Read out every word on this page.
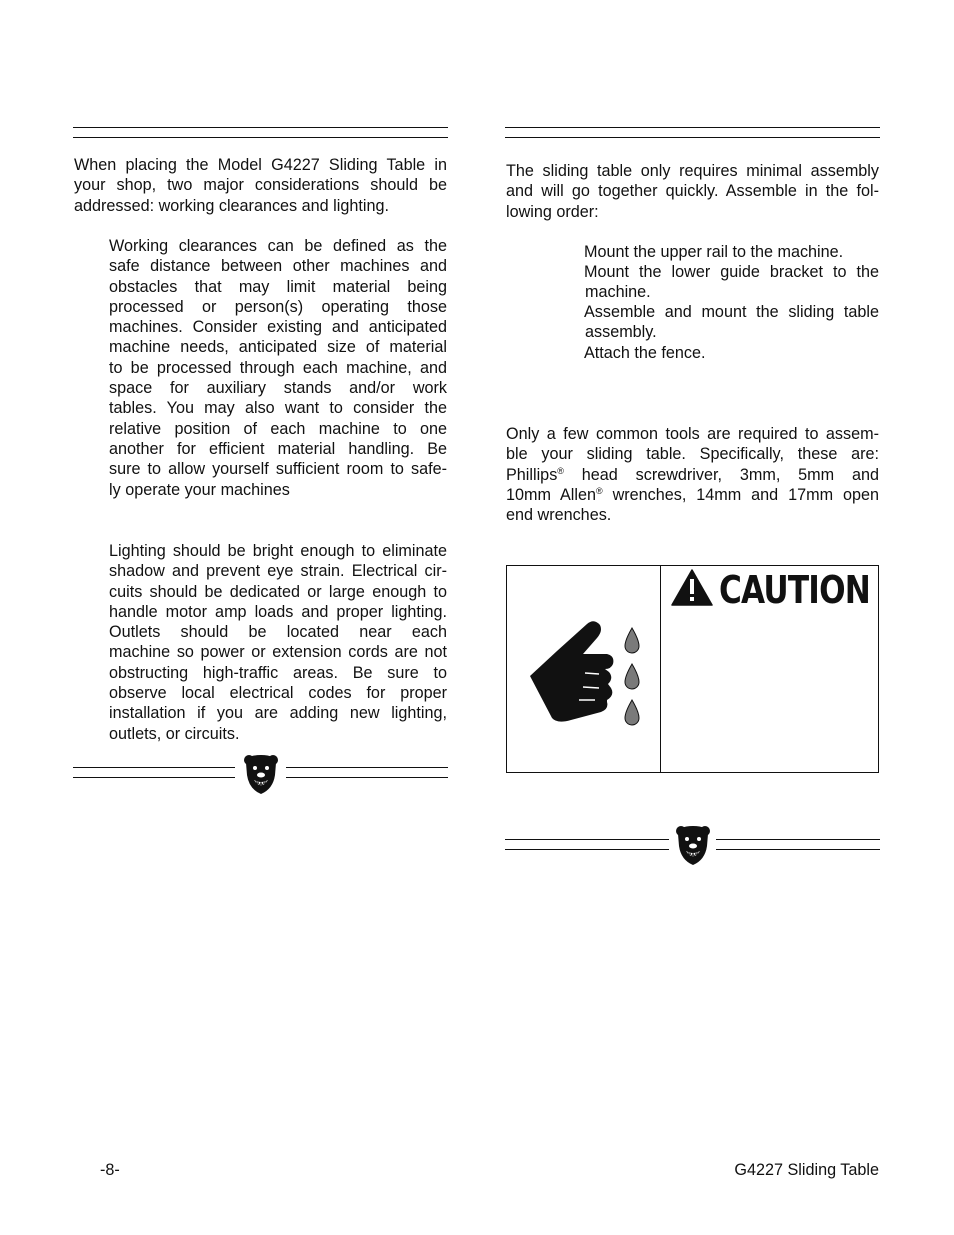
When placing the Model G4227 Sliding Table in
your shop, two major considerations should be
addressed: working clearances and lighting.
Working clearances can be defined as the
safe distance between other machines and
obstacles that may limit material being
processed or person(s) operating those
machines. Consider existing and anticipated
machine needs, anticipated size of material
to be processed through each machine, and
space for auxiliary stands and/or work
tables. You may also want to consider the
relative position of each machine to one
another for efficient material handling. Be
sure to allow yourself sufficient room to safe-
ly operate your machines
Lighting should be bright enough to eliminate
shadow and prevent eye strain. Electrical cir-
cuits should be dedicated or large enough to
handle motor amp loads and proper lighting.
Outlets should be located near each
machine so power or extension cords are not
obstructing high-traffic areas. Be sure to
observe local electrical codes for proper
installation if you are adding new lighting,
outlets, or circuits.
The sliding table only requires minimal assembly
and will go together quickly. Assemble in the fol-
lowing order:
Mount the upper rail to the machine.
Mount the lower guide bracket to the
machine.
Assemble and mount the sliding table
assembly.
Attach the fence.
Only a few common tools are required to assem-
ble your sliding table. Specifically, these are:
Phillips® head screwdriver, 3mm, 5mm and
10mm Allen® wrenches, 14mm and 17mm open
end wrenches.
CAUTION
-8-	G4227 Sliding Table
